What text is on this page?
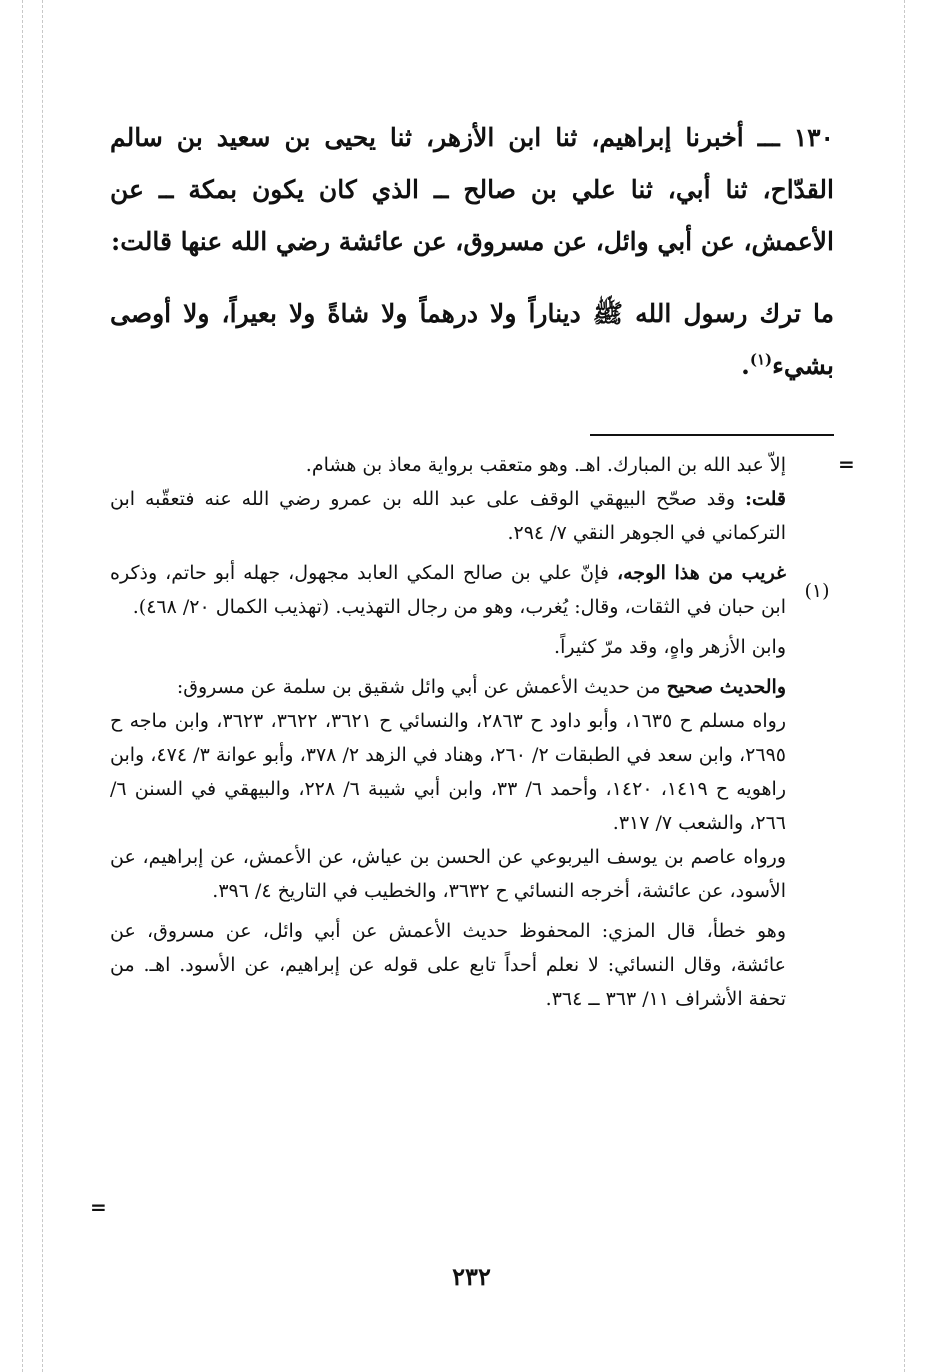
١٣٠ ـــ أخبرنا إبراهيم، ثنا ابن الأزهر، ثنا يحيى بن سعيد بن سالم القدّاح، ثنا أبي، ثنا علي بن صالح ــ الذي كان يكون بمكة ــ عن الأعمش، عن أبي وائل، عن مسروق، عن عائشة رضي الله عنها قالت:

ما ترك رسول الله ﷺ ديناراً ولا درهماً ولا شاةً ولا بعيراً، ولا أوصى بشيء$^{(١)}$.

=
=
(١)

إلاّ عبد الله بن المبارك. اهـ. وهو متعقب برواية معاذ بن هشام.

قلت: وقد صحّح البيهقي الوقف على عبد الله بن عمرو رضي الله عنه فتعقّبه ابن التركماني في الجوهر النقي ٧/ ٢٩٤.

غريب من هذا الوجه، فإنّ علي بن صالح المكي العابد مجهول، جهله أبو حاتم، وذكره ابن حبان في الثقات، وقال: يُغرب، وهو من رجال التهذيب. (تهذيب الكمال ٢٠/ ٤٦٨).

وابن الأزهر واهٍ، وقد مرّ كثيراً.

والحديث صحيح من حديث الأعمش عن أبي وائل شقيق بن سلمة عن مسروق:

رواه مسلم ح ١٦٣٥، وأبو داود ح ٢٨٦٣، والنسائي ح ٣٦٢١، ٣٦٢٢، ٣٦٢٣، وابن ماجه ح ٢٦٩٥، وابن سعد في الطبقات ٢/ ٢٦٠، وهناد في الزهد ٢/ ٣٧٨، وأبو عوانة ٣/ ٤٧٤، وابن راهويه ح ١٤١٩، ١٤٢٠، وأحمد ٦/ ٣٣، وابن أبي شيبة ٦/ ٢٢٨، والبيهقي في السنن ٦/ ٢٦٦، والشعب ٧/ ٣١٧.

ورواه عاصم بن يوسف اليربوعي عن الحسن بن عياش، عن الأعمش، عن إبراهيم، عن الأسود، عن عائشة، أخرجه النسائي ح ٣٦٣٢، والخطيب في التاريخ ٤/ ٣٩٦.

وهو خطأ، قال المزي: المحفوظ حديث الأعمش عن أبي وائل، عن مسروق، عن عائشة، وقال النسائي: لا نعلم أحداً تابع على قوله عن إبراهيم، عن الأسود. اهـ. من تحفة الأشراف ١١/ ٣٦٣ ــ ٣٦٤.

٢٣٢
